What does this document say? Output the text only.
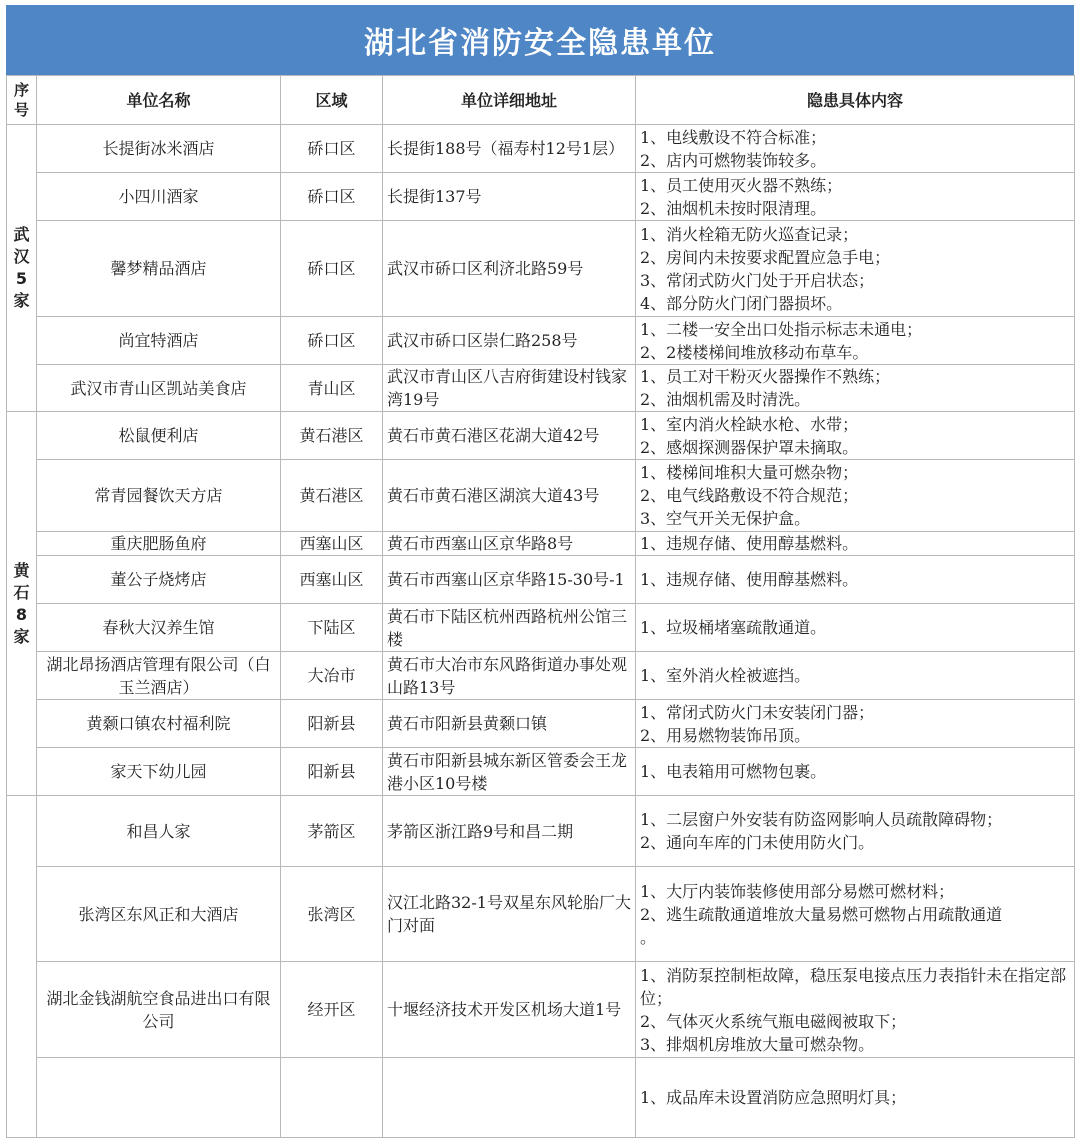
湖北省消防安全隐患单位
序号	单位名称	区域	单位详细地址	隐患具体内容
武汉5家	长提街冰米酒店	硚口区	长提街188号（福寿村12号1层）	1、电线敷设不符合标准；
2、店内可燃物装饰较多。

	小四川酒家	硚口区	长提街137号	1、员工使用灭火器不熟练；
2、油烟机未按时限清理。

	馨梦精品酒店	硚口区	武汉市硚口区利济北路59号	1、消火栓箱无防火巡查记录；
2、房间内未按要求配置应急手电；
3、常闭式防火门处于开启状态；
4、部分防火门闭门器损坏。

	尚宜特酒店	硚口区	武汉市硚口区崇仁路258号	1、二楼一安全出口处指示标志未通电；
2、2楼楼梯间堆放移动布草车。

	武汉市青山区凯站美食店	青山区	武汉市青山区八吉府街建设村钱家湾19号	1、员工对干粉灭火器操作不熟练；
2、油烟机需及时清洗。

黄石8家	松鼠便利店	黄石港区	黄石市黄石港区花湖大道42号	1、室内消火栓缺水枪、水带；
2、感烟探测器保护罩未摘取。

	常青园餐饮天方店	黄石港区	黄石市黄石港区湖滨大道43号	1、楼梯间堆积大量可燃杂物；
2、电气线路敷设不符合规范；
3、空气开关无保护盒。

	重庆肥肠鱼府	西塞山区	黄石市西塞山区京华路8号	1、违规存储、使用醇基燃料。

	董公子烧烤店	西塞山区	黄石市西塞山区京华路15-30号-1	1、违规存储、使用醇基燃料。

	春秋大汉养生馆	下陆区	黄石市下陆区杭州西路杭州公馆三楼	1、垃圾桶堵塞疏散通道。

	湖北昂扬酒店管理有限公司（白玉兰酒店）	大冶市	黄石市大冶市东风路街道办事处观山路13号	1、室外消火栓被遮挡。

	黄颡口镇农村福利院	阳新县	黄石市阳新县黄颡口镇	1、常闭式防火门未安装闭门器；
2、用易燃物装饰吊顶。

	家天下幼儿园	阳新县	黄石市阳新县城东新区管委会王龙港小区10号楼	1、电表箱用可燃物包裹。

	和昌人家	茅箭区	茅箭区浙江路9号和昌二期	1、二层窗户外安装有防盗网影响人员疏散障碍物；
2、通向车库的门未使用防火门。

	张湾区东风正和大酒店	张湾区	汉江北路32-1号双星东风轮胎厂大门对面	1、大厅内装饰装修使用部分易燃可燃材料；
2、逃生疏散通道堆放大量易燃可燃物占用疏散通道
。

	湖北金钱湖航空食品进出口有限公司	经开区	十堰经济技术开发区机场大道1号	1、消防泵控制柜故障，稳压泵电接点压力表指针未在指定部位；
2、气体灭火系统气瓶电磁阀被取下；
3、排烟机房堆放大量可燃杂物。

				1、成品库未设置消防应急照明灯具；
